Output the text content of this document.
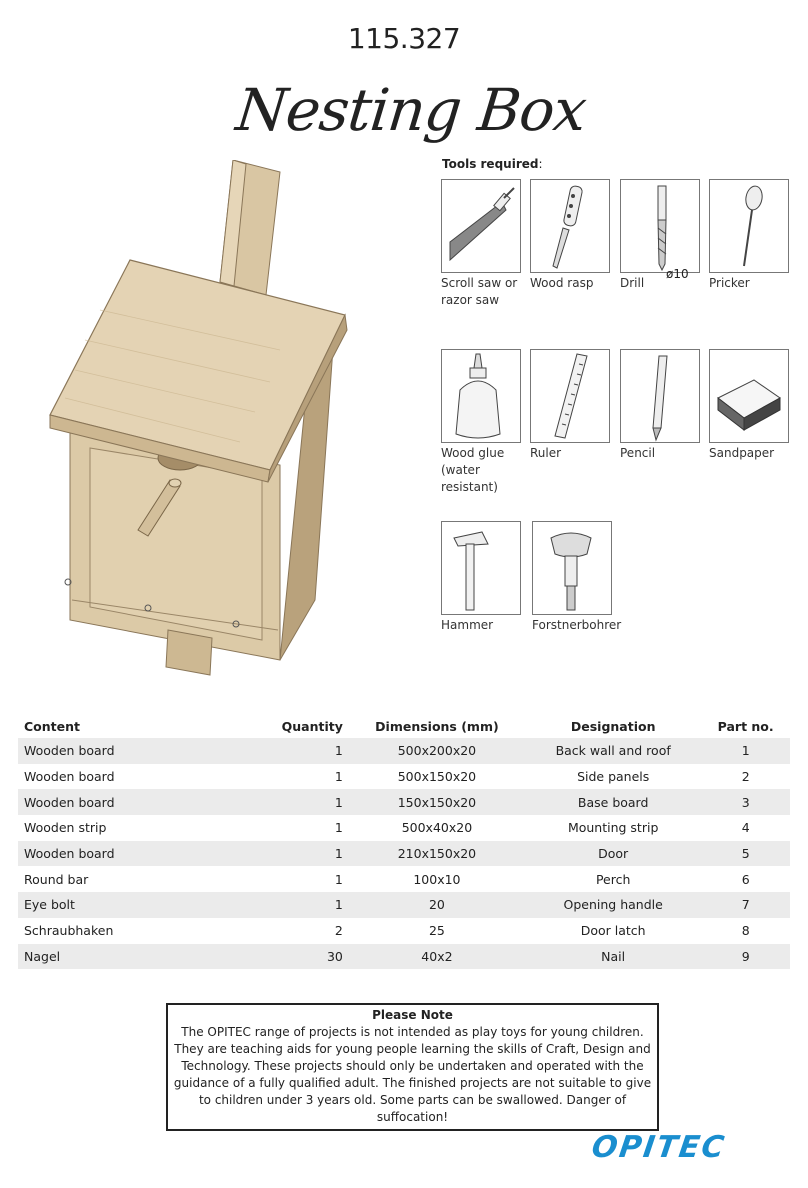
115.327
Nesting Box
Tools required:
Scroll saw or razor saw
Wood rasp
ø10
Drill	Pricker
Wood glue (water resistant)
Ruler	Pencil	Sandpaper
Hammer	Forstnerbohrer
Content	Quantity	Dimensions (mm)	Designation	Part no.
Wooden board	1	500x200x20	Back wall and roof	1
Wooden board	1	500x150x20	Side panels	2
Wooden board	1	150x150x20	Base board	3
Wooden strip	1	500x40x20	Mounting strip	4
Wooden board	1	210x150x20	Door	5
Round bar	1	100x10	Perch	6
Eye bolt	1	20	Opening handle	7
Schraubhaken	2	25	Door latch	8
Nagel	30	40x2	Nail	9
Please Note
The OPITEC range of projects is not intended as play toys for young children. They are teaching aids for young people learning the skills of Craft, Design and Technology. These projects should only be undertaken and operated with the guidance of a fully qualified adult. The finished projects are not suitable to give to children under 3 years old. Some parts can be swallowed. Danger of suffocation!
OPITEC
